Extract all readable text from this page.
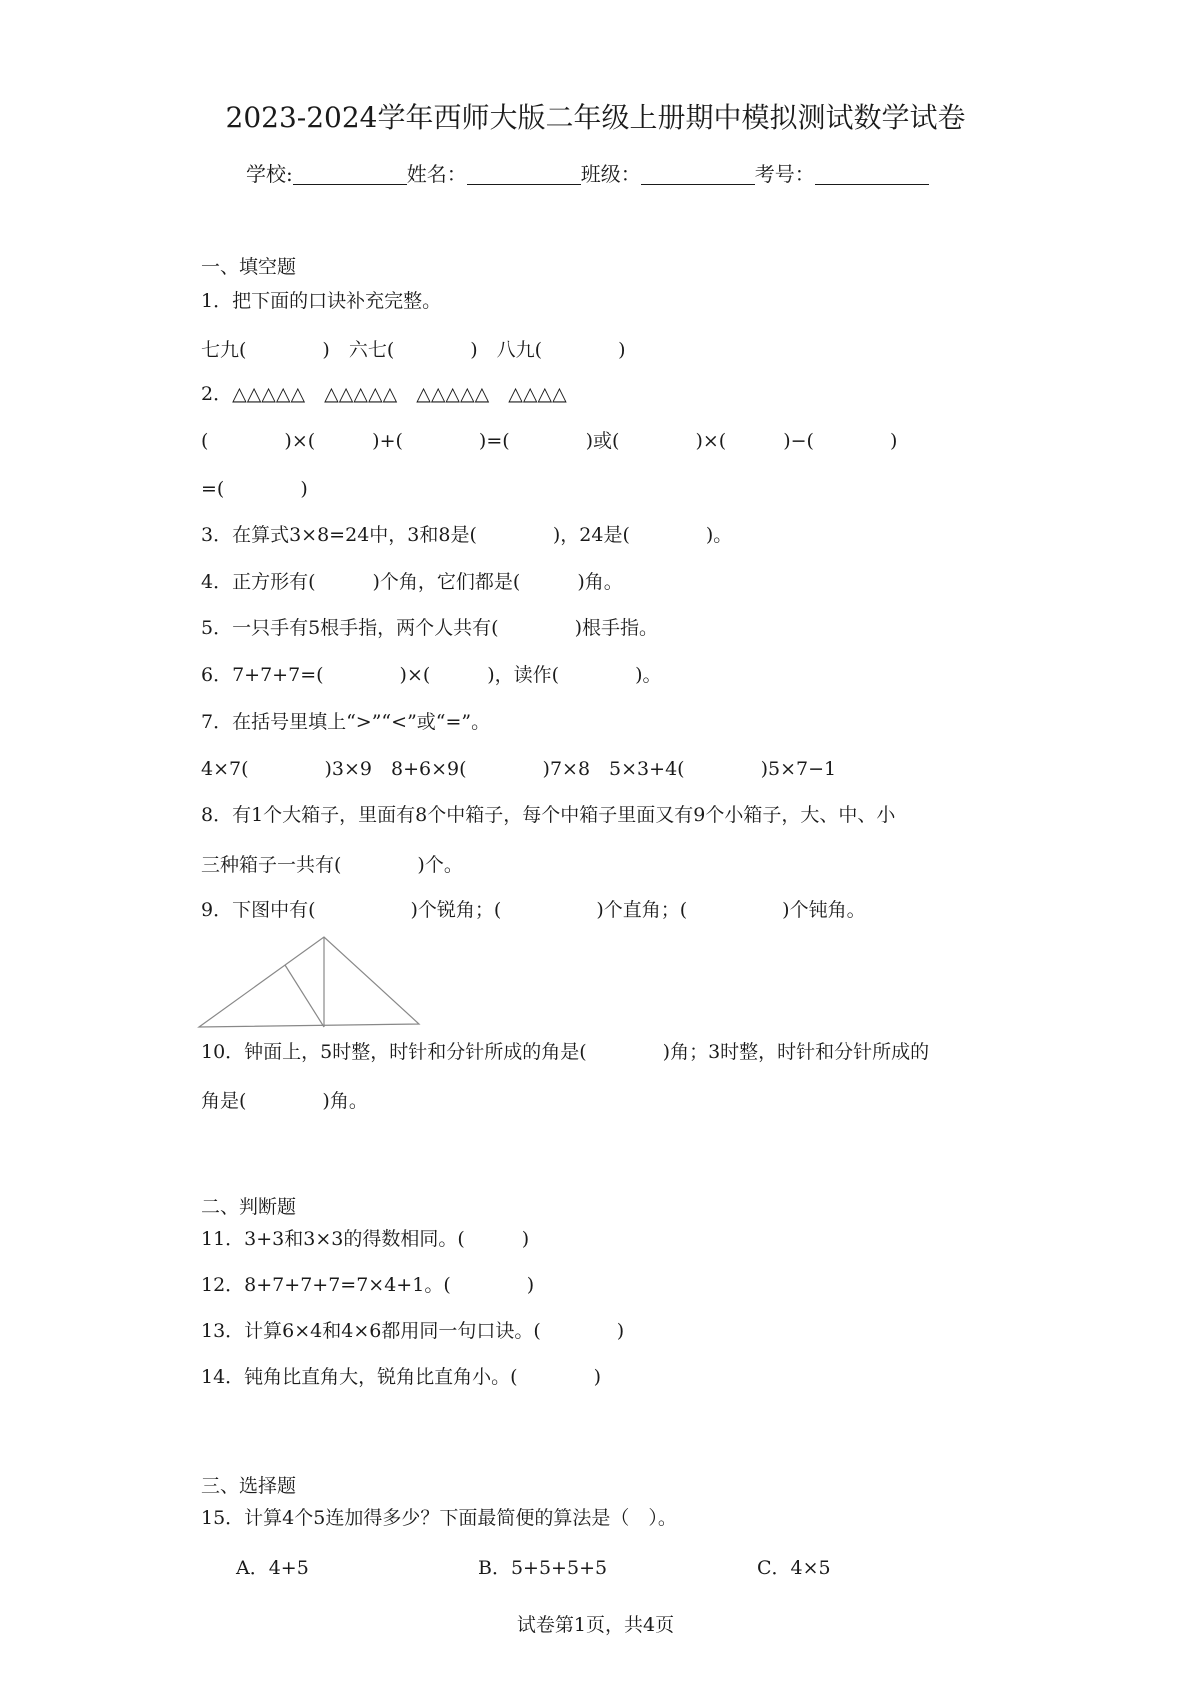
2023-2024学年西师大版二年级上册期中模拟测试数学试卷
学校:	姓名：	班级：	考号：
一、填空题
1．把下面的口诀补充完整。
七九(　　　　)　六七(　　　　)　八九(　　　　)
2．△△△△△　△△△△△　△△△△△　△△△△
(　　　　)×(　　　)+(　　　　)=(　　　　)或(　　　　)×(　　　)−(　　　　)
=(　　　　)
3．在算式3×8=24中，3和8是(　　　　)，24是(　　　　)。
4．正方形有(　　　)个角，它们都是(　　　)角。
5．一只手有5根手指，两个人共有(　　　　)根手指。
6．7+7+7=(　　　　)×(　　　)，读作(　　　　)。
7．在括号里填上“>”“<”或“=”。
4×7(　　　　)3×9　8+6×9(　　　　)7×8　5×3+4(　　　　)5×7−1
8．有1个大箱子，里面有8个中箱子，每个中箱子里面又有9个小箱子，大、中、小
三种箱子一共有(　　　　)个。
9．下图中有(　　　　　)个锐角；(　　　　　)个直角；(　　　　　)个钝角。
10．钟面上，5时整，时针和分针所成的角是(　　　　)角；3时整，时针和分针所成的
角是(　　　　)角。
二、判断题
11．3+3和3×3的得数相同。(　　　)
12．8+7+7+7=7×4+1。(　　　　)
13．计算6×4和4×6都用同一句口诀。(　　　　)
14．钝角比直角大，锐角比直角小。(　　　　)
三、选择题
15．计算4个5连加得多少？下面最简便的算法是（　）。
A．4+5	B．5+5+5+5	C．4×5
试卷第1页，共4页
